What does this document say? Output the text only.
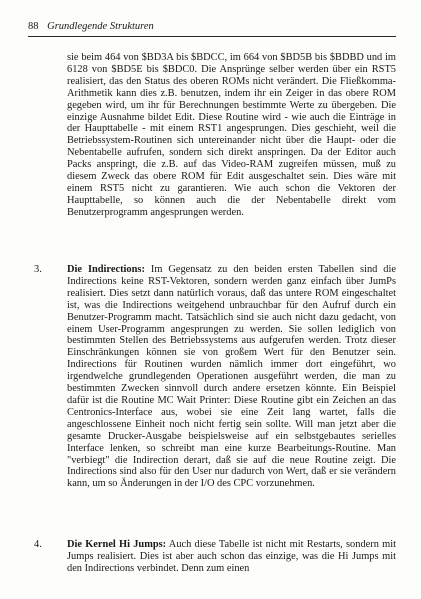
88 Grundlegende Strukturen
sie beim 464 von $BD3A bis $BDCC, im 664 von $BD5B bis $BDBD und im 6128 von $BD5E bis $BDC0. Die Ansprünge selber werden über ein RST5 realisiert, das den Status des oberen ROMs nicht verändert. Die Fließkomma-Arithmetik kann dies z.B. benutzen, indem ihr ein Zeiger in das obere ROM gegeben wird, um ihr für Berechnungen bestimmte Werte zu übergeben. Die einzige Ausnahme bildet Edit. Diese Routine wird - wie auch die Einträge in der Haupttabelle - mit einem RST1 angesprungen. Dies geschieht, weil die Betriebssystem-Routinen sich untereinander nicht über die Haupt- oder die Nebentabelle aufrufen, sondern sich direkt anspringen. Da der Editor auch Packs anspringt, die z.B. auf das Video-RAM zugreifen müssen, muß zu diesem Zweck das obere ROM für Edit ausgeschaltet sein. Dies wäre mit einem RST5 nicht zu garantieren. Wie auch schon die Vektoren der Haupttabelle, so können auch die der Nebentabelle direkt vom Benutzerprogramm angesprungen werden.
3. Die Indirections: Im Gegensatz zu den beiden ersten Tabellen sind die Indirections keine RST-Vektoren, sondern werden ganz einfach über JumPs realisiert. Dies setzt dann natürlich voraus, daß das untere ROM eingeschaltet ist, was die Indirections weitgehend unbrauchbar für den Aufruf durch ein Benutzer-Programm macht. Tatsächlich sind sie auch nicht dazu gedacht, von einem User-Programm angesprungen zu werden. Sie sollen lediglich von bestimmten Stellen des Betriebssystems aus aufgerufen werden. Trotz dieser Einschränkungen können sie von großem Wert für den Benutzer sein. Indirections für Routinen wurden nämlich immer dort eingeführt, wo irgendwelche grundlegenden Operationen ausgeführt werden, die man zu bestimmten Zwecken sinnvoll durch andere ersetzen könnte. Ein Beispiel dafür ist die Routine MC Wait Printer: Diese Routine gibt ein Zeichen an das Centronics-Interface aus, wobei sie eine Zeit lang wartet, falls die angeschlossene Einheit noch nicht fertig sein sollte. Will man jetzt aber die gesamte Drucker-Ausgabe beispielsweise auf ein selbstgebautes serielles Interface lenken, so schreibt man eine kurze Bearbeitungs-Routine. Man "verbiegt" die Indirection derart, daß sie auf die neue Routine zeigt. Die Indirections sind also für den User nur dadurch von Wert, daß er sie verändern kann, um so Änderungen in der I/O des CPC vorzunehmen.
4. Die Kernel Hi Jumps: Auch diese Tabelle ist nicht mit Restarts, sondern mit Jumps realisiert. Dies ist aber auch schon das einzige, was die Hi Jumps mit den Indirections verbindet. Denn zum einen
